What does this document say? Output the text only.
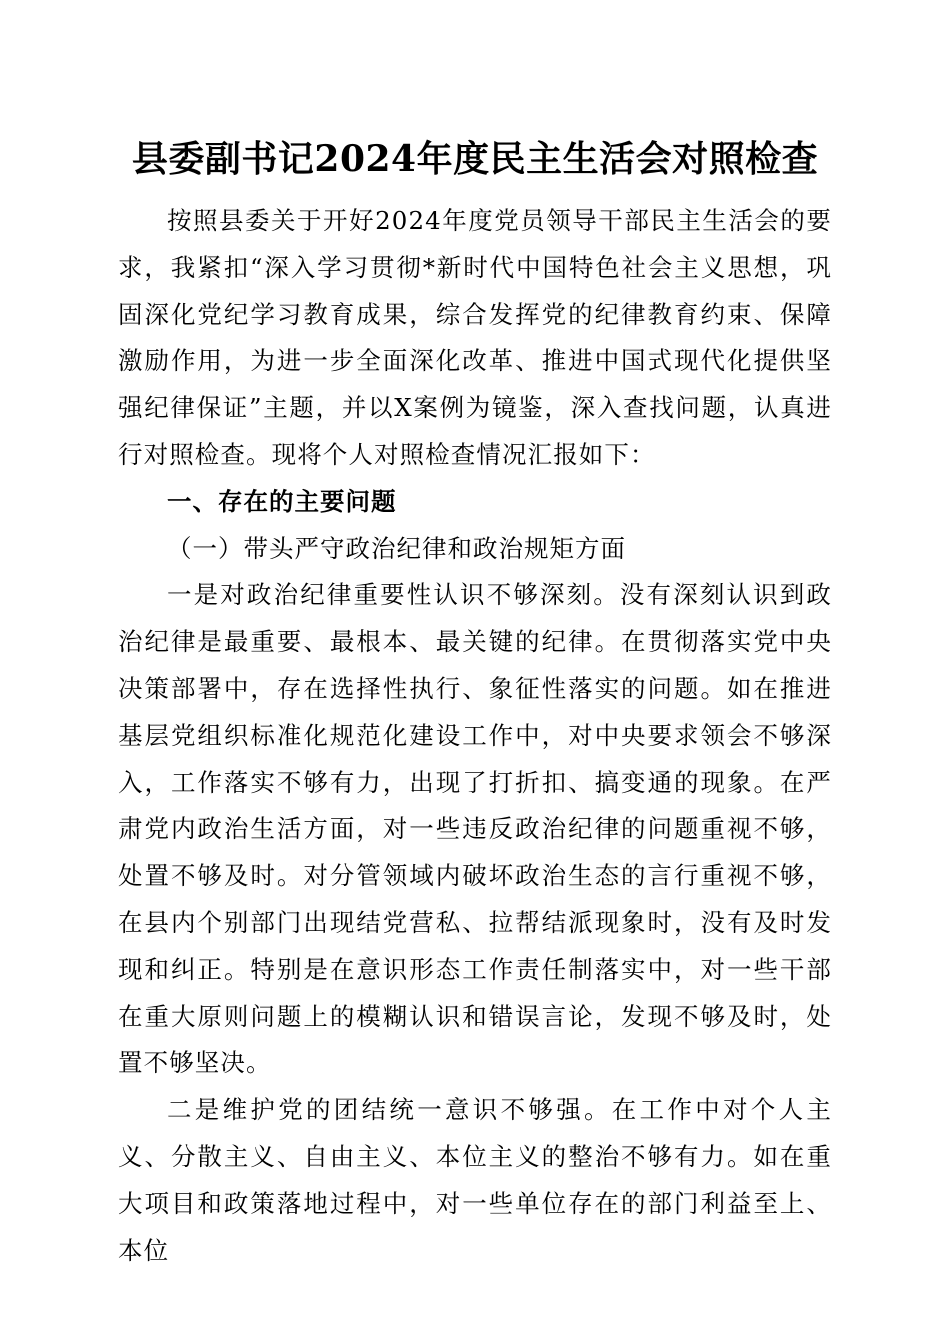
县委副书记2024年度民主生活会对照检查

按照县委关于开好2024年度党员领导干部民主生活会的要求，我紧扣“深入学习贯彻*新时代中国特色社会主义思想，巩固深化党纪学习教育成果，综合发挥党的纪律教育约束、保障激励作用，为进一步全面深化改革、推进中国式现代化提供坚强纪律保证”主题，并以X案例为镜鉴，深入查找问题，认真进行对照检查。现将个人对照检查情况汇报如下：

一、存在的主要问题

（一）带头严守政治纪律和政治规矩方面

一是对政治纪律重要性认识不够深刻。没有深刻认识到政治纪律是最重要、最根本、最关键的纪律。在贯彻落实党中央决策部署中，存在选择性执行、象征性落实的问题。如在推进基层党组织标准化规范化建设工作中，对中央要求领会不够深入，工作落实不够有力，出现了打折扣、搞变通的现象。在严肃党内政治生活方面，对一些违反政治纪律的问题重视不够，处置不够及时。对分管领域内破坏政治生态的言行重视不够，在县内个别部门出现结党营私、拉帮结派现象时，没有及时发现和纠正。特别是在意识形态工作责任制落实中，对一些干部在重大原则问题上的模糊认识和错误言论，发现不够及时，处置不够坚决。

二是维护党的团结统一意识不够强。在工作中对个人主义、分散主义、自由主义、本位主义的整治不够有力。如在重大项目和政策落地过程中，对一些单位存在的部门利益至上、本位
